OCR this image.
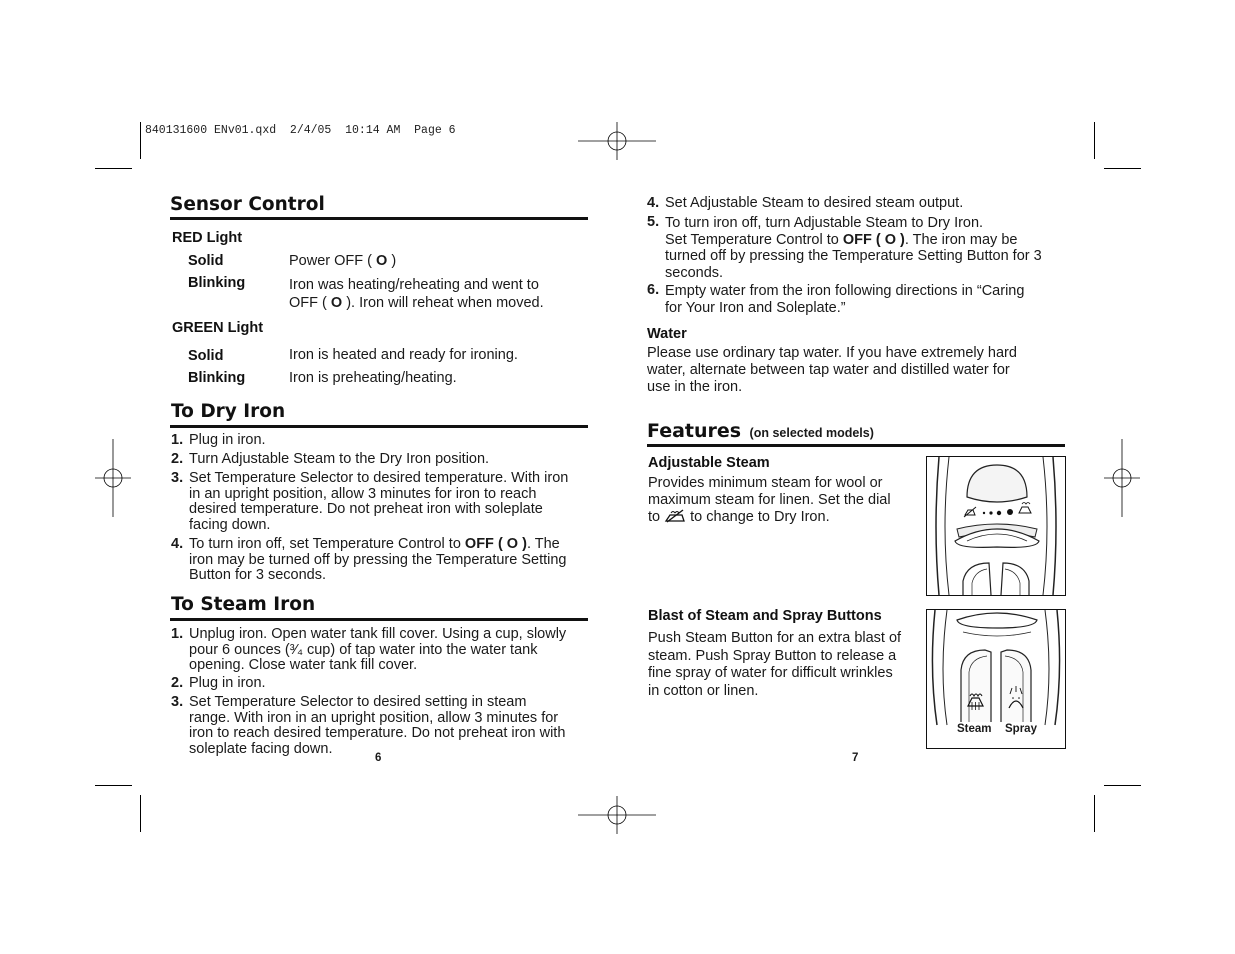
840131600 ENv01.qxd  2/4/05  10:14 AM  Page 6
Sensor Control
RED Light
Solid	Power OFF ( O )
Blinking	Iron was heating/reheating and went to
OFF ( O ). Iron will reheat when moved.
GREEN Light
Solid	Iron is heated and ready for ironing.
Blinking	Iron is preheating/heating.
To Dry Iron
1. Plug in iron.
2. Turn Adjustable Steam to the Dry Iron position.
3. Set Temperature Selector to desired temperature. With iron
in an upright position, allow 3 minutes for iron to reach
desired temperature. Do not preheat iron with soleplate
facing down.
4. To turn iron off, set Temperature Control to OFF ( O ). The
iron may be turned off by pressing the Temperature Setting
Button for 3 seconds.
To Steam Iron
1. Unplug iron. Open water tank fill cover. Using a cup, slowly
pour 6 ounces (³⁄₄ cup) of tap water into the water tank
opening. Close water tank fill cover.
2. Plug in iron.
3. Set Temperature Selector to desired setting in steam
range. With iron in an upright position, allow 3 minutes for
iron to reach desired temperature. Do not preheat iron with
soleplate facing down.
6
4. Set Adjustable Steam to desired steam output.
5. To turn iron off, turn Adjustable Steam to Dry Iron.
Set Temperature Control to OFF ( O ). The iron may be
turned off by pressing the Temperature Setting Button for 3
seconds.
6. Empty water from the iron following directions in “Caring
for Your Iron and Soleplate.”
Water
Please use ordinary tap water. If you have extremely hard
water, alternate between tap water and distilled water for
use in the iron.
Features (on selected models)
Adjustable Steam
Provides minimum steam for wool or
maximum steam for linen. Set the dial
to  to change to Dry Iron.
Blast of Steam and Spray Buttons
Push Steam Button for an extra blast of
steam. Push Spray Button to release a
fine spray of water for difficult wrinkles
in cotton or linen.
Steam Spray
7
